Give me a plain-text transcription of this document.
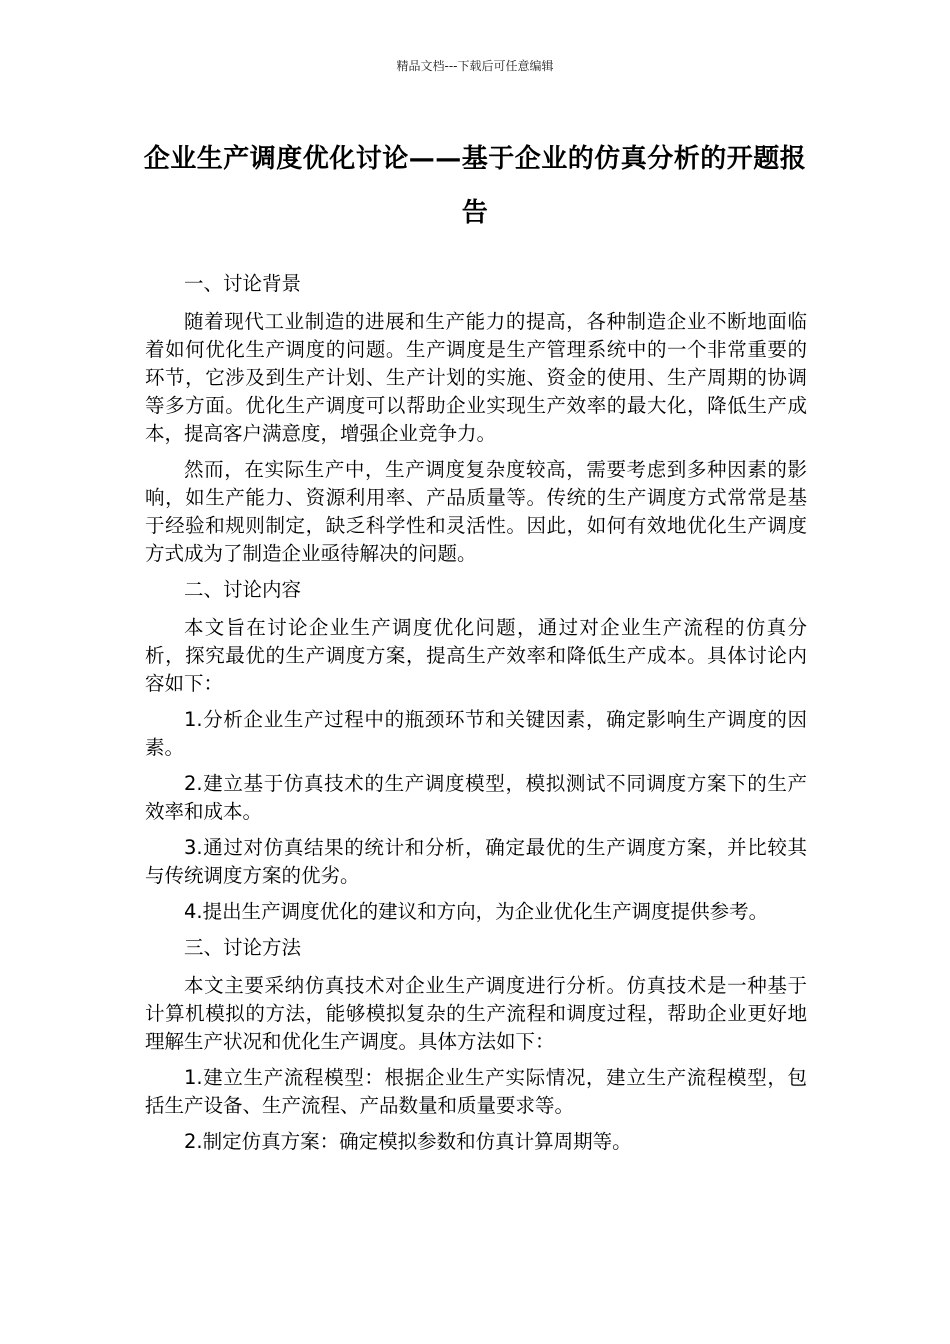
精品文档---下载后可任意编辑
企业生产调度优化讨论——基于企业的仿真分析的开题报告

一、讨论背景

随着现代工业制造的进展和生产能力的提高，各种制造企业不断地面临着如何优化生产调度的问题。生产调度是生产管理系统中的一个非常重要的环节，它涉及到生产计划、生产计划的实施、资金的使用、生产周期的协调等多方面。优化生产调度可以帮助企业实现生产效率的最大化，降低生产成本，提高客户满意度，增强企业竞争力。

然而，在实际生产中，生产调度复杂度较高，需要考虑到多种因素的影响，如生产能力、资源利用率、产品质量等。传统的生产调度方式常常是基于经验和规则制定，缺乏科学性和灵活性。因此，如何有效地优化生产调度方式成为了制造企业亟待解决的问题。

二、讨论内容

本文旨在讨论企业生产调度优化问题，通过对企业生产流程的仿真分析，探究最优的生产调度方案，提高生产效率和降低生产成本。具体讨论内容如下：

1.分析企业生产过程中的瓶颈环节和关键因素，确定影响生产调度的因素。

2.建立基于仿真技术的生产调度模型，模拟测试不同调度方案下的生产效率和成本。

3.通过对仿真结果的统计和分析，确定最优的生产调度方案，并比较其与传统调度方案的优劣。

4.提出生产调度优化的建议和方向，为企业优化生产调度提供参考。

三、讨论方法

本文主要采纳仿真技术对企业生产调度进行分析。仿真技术是一种基于计算机模拟的方法，能够模拟复杂的生产流程和调度过程，帮助企业更好地理解生产状况和优化生产调度。具体方法如下：

1.建立生产流程模型：根据企业生产实际情况，建立生产流程模型，包括生产设备、生产流程、产品数量和质量要求等。

2.制定仿真方案：确定模拟参数和仿真计算周期等。
